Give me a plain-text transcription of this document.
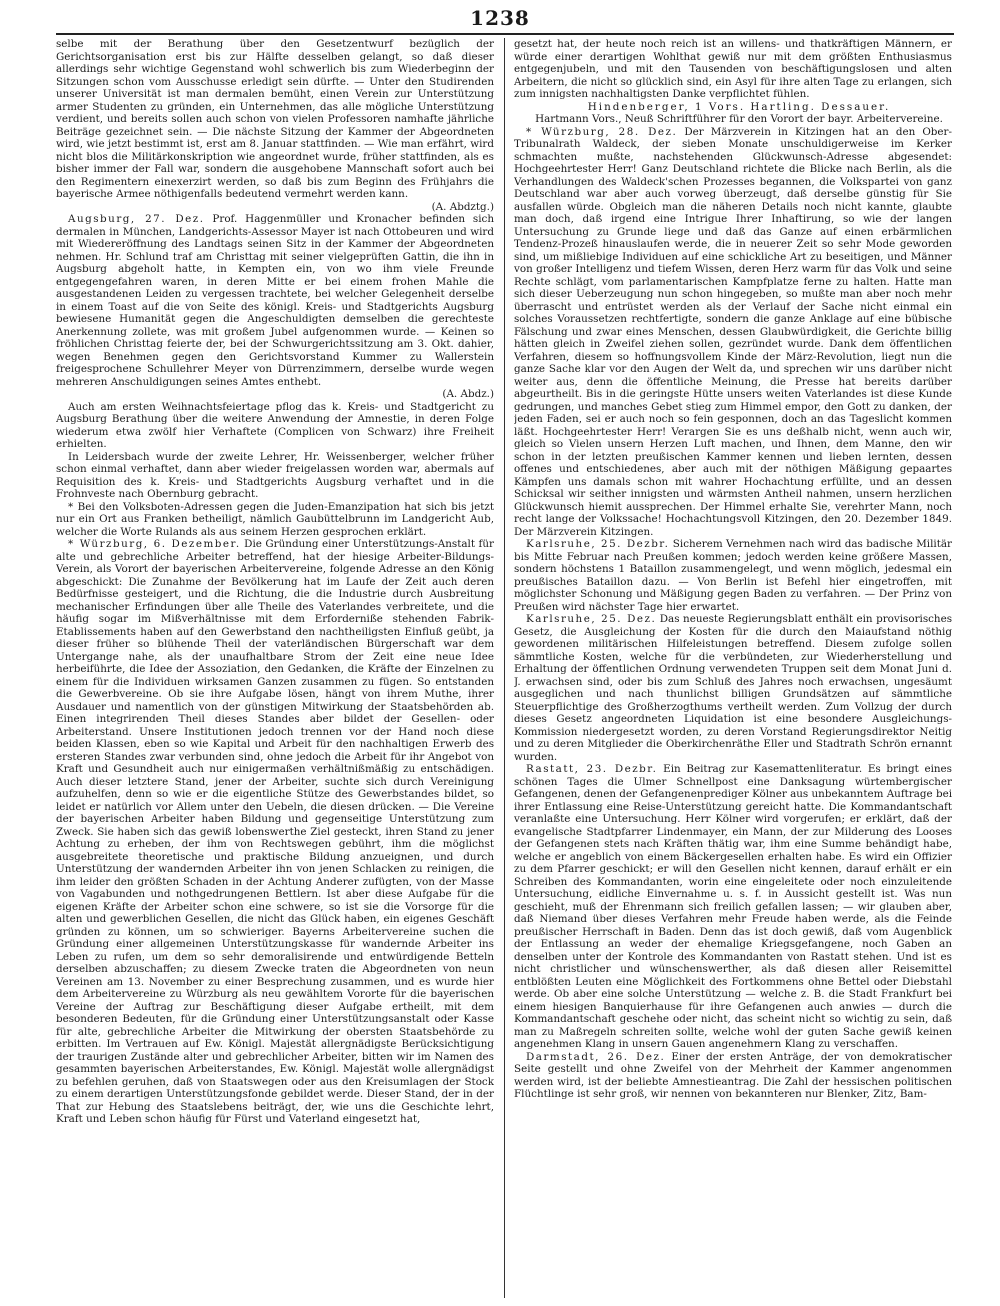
1238

selbe mit der Berathung über den Gesetzentwurf bezüglich der Gerichtsorganisation erst bis zur Hälfte desselben gelangt, so daß dieser allerdings sehr wichtige Gegenstand wohl schwerlich bis zum Wiederbeginn der Sitzungen schon vom Ausschusse erledigt sein dürfte. — Unter den Studirenden unserer Universität ist man dermalen bemüht, einen Verein zur Unterstützung armer Studenten zu gründen, ein Unternehmen, das alle mögliche Unterstützung verdient, und bereits sollen auch schon von vielen Professoren namhafte jährliche Beiträge gezeichnet sein. — Die nächste Sitzung der Kammer der Abgeordneten wird, wie jetzt bestimmt ist, erst am 8. Januar stattfinden. — Wie man erfährt, wird nicht blos die Militärkonskription wie angeordnet wurde, früher stattfinden, als es bisher immer der Fall war, sondern die ausgehobene Mannschaft sofort auch bei den Regimentern einexerzirt werden, so daß bis zum Beginn des Frühjahrs die bayerische Armee nöthigenfalls bedeutend vermehrt werden kann.
(A. Abdztg.)

Augsburg, 27. Dez. Prof. Haggenmüller und Kronacher befinden sich dermalen in München, Landgerichts-Assessor Mayer ist nach Ottobeuren und wird mit Wiedereröffnung des Landtags seinen Sitz in der Kammer der Abgeordneten nehmen. Hr. Schlund traf am Christtag mit seiner vielgeprüften Gattin, die ihn in Augsburg abgeholt hatte, in Kempten ein, von wo ihm viele Freunde entgegengefahren waren, in deren Mitte er bei einem frohen Mahle die ausgestandenen Leiden zu vergessen trachtete, bei welcher Gelegenheit derselbe in einem Toast auf die von Seite des königl. Kreis- und Stadtgerichts Augsburg bewiesene Humanität gegen die Angeschuldigten demselben die gerechteste Anerkennung zollete, was mit großem Jubel aufgenommen wurde. — Keinen so fröhlichen Christtag feierte der, bei der Schwurgerichtssitzung am 3. Okt. dahier, wegen Benehmen gegen den Gerichtsvorstand Kummer zu Wallerstein freigesprochene Schullehrer Meyer von Dürrenzimmern, derselbe wurde wegen mehreren Anschuldigungen seines Amtes enthebt.
(A. Abdz.)

Auch am ersten Weihnachtsfeiertage pflog das k. Kreis- und Stadtgericht zu Augsburg Berathung über die weitere Anwendung der Amnestie, in deren Folge wiederum etwa zwölf hier Verhaftete (Complicen von Schwarz) ihre Freiheit erhielten.

In Leidersbach wurde der zweite Lehrer, Hr. Weissenberger, welcher früher schon einmal verhaftet, dann aber wieder freigelassen worden war, abermals auf Requisition des k. Kreis- und Stadtgerichts Augsburg verhaftet und in die Frohnveste nach Obernburg gebracht.

* Bei den Volksboten-Adressen gegen die Juden-Emanzipation hat sich bis jetzt nur ein Ort aus Franken betheiligt, nämlich Gaubüttelbrunn im Landgericht Aub, welcher die Worte Rulands als aus seinem Herzen gesprochen erklärt.

* Würzburg, 6. Dezember. Die Gründung einer Unterstützungs-Anstalt für alte und gebrechliche Arbeiter betreffend, hat der hiesige Arbeiter-Bildungs-Verein, als Vorort der bayerischen Arbeitervereine, folgende Adresse an den König abgeschickt: Die Zunahme der Bevölkerung hat im Laufe der Zeit auch deren Bedürfnisse gesteigert, und die Richtung, die die Industrie durch Ausbreitung mechanischer Erfindungen über alle Theile des Vaterlandes verbreitete, und die häufig sogar im Mißverhältnisse mit dem Erforderniße stehenden Fabrik-Etablissements haben auf den Gewerbstand den nachtheiligsten Einfluß geübt, ja dieser früher so blühende Theil der vaterländischen Bürgerschaft war dem Untergange nahe, als der unaufhaltbare Strom der Zeit eine neue Idee herbeiführte, die Idee der Assoziation, den Gedanken, die Kräfte der Einzelnen zu einem für die Individuen wirksamen Ganzen zusammen zu fügen. So entstanden die Gewerbvereine. Ob sie ihre Aufgabe lösen, hängt von ihrem Muthe, ihrer Ausdauer und namentlich von der günstigen Mitwirkung der Staatsbehörden ab. Einen integrirenden Theil dieses Standes aber bildet der Gesellen- oder Arbeiterstand. Unsere Institutionen jedoch trennen vor der Hand noch diese beiden Klassen, eben so wie Kapital und Arbeit für den nachhaltigen Erwerb des ersteren Standes zwar verbunden sind, ohne jedoch die Arbeit für ihr Angebot von Kraft und Gesundheit auch nur einigermaßen verhältnißmäßig zu entschädigen. Auch dieser letztere Stand, jener der Arbeiter, suchte sich durch Vereinigung aufzuhelfen, denn so wie er die eigentliche Stütze des Gewerbstandes bildet, so leidet er natürlich vor Allem unter den Uebeln, die diesen drücken. — Die Vereine der bayerischen Arbeiter haben Bildung und gegenseitige Unterstützung zum Zweck. Sie haben sich das gewiß lobenswerthe Ziel gesteckt, ihren Stand zu jener Achtung zu erheben, der ihm von Rechtswegen gebührt, ihm die möglichst ausgebreitete theoretische und praktische Bildung anzueignen, und durch Unterstützung der wandernden Arbeiter ihn von jenen Schlacken zu reinigen, die ihm leider den größten Schaden in der Achtung Anderer zufügten, von der Masse von Vagabunden und nothgedrungenen Bettlern. Ist aber diese Aufgabe für die eigenen Kräfte der Arbeiter schon eine schwere, so ist sie die Vorsorge für die alten und gewerblichen Gesellen, die nicht das Glück haben, ein eigenes Geschäft gründen zu können, um so schwieriger. Bayerns Arbeitervereine suchen die Gründung einer allgemeinen Unterstützungskasse für wandernde Arbeiter ins Leben zu rufen, um dem so sehr demoralisirende und entwürdigende Betteln derselben abzuschaffen; zu diesem Zwecke traten die Abgeordneten von neun Vereinen am 13. November zu einer Besprechung zusammen, und es wurde hier dem Arbeitervereine zu Würzburg als neu gewähltem Vororte für die bayerischen Vereine der Auftrag zur Beschäftigung dieser Aufgabe ertheilt, mit dem besonderen Bedeuten, für die Gründung einer Unterstützungsanstalt oder Kasse für alte, gebrechliche Arbeiter die Mitwirkung der obersten Staatsbehörde zu erbitten. Im Vertrauen auf Ew. Königl. Majestät allergnädigste Berücksichtigung der traurigen Zustände alter und gebrechlicher Arbeiter, bitten wir im Namen des gesammten bayerischen Arbeiterstandes, Ew. Königl. Majestät wolle allergnädigst zu befehlen geruhen, daß von Staatswegen oder aus den Kreisumlagen der Stock zu einem derartigen Unterstützungsfonde gebildet werde. Dieser Stand, der in der That zur Hebung des Staatslebens beiträgt, der, wie uns die Geschichte lehrt, Kraft und Leben schon häufig für Fürst und Vaterland eingesetzt hat,

gesetzt hat, der heute noch reich ist an willens- und thatkräftigen Männern, er würde einer derartigen Wohlthat gewiß nur mit dem größten Enthusiasmus entgegenjubeln, und mit den Tausenden von beschäftigungslosen und alten Arbeitern, die nicht so glücklich sind, ein Asyl für ihre alten Tage zu erlangen, sich zum innigsten nachhaltigsten Danke verpflichtet fühlen.

Hindenberger, 1 Vors. Hartling. Dessauer.

Hartmann Vors., Neuß Schriftführer für den Vorort der bayr. Arbeitervereine.

* Würzburg, 28. Dez. Der Märzverein in Kitzingen hat an den Ober-Tribunalrath Waldeck, der sieben Monate unschuldigerweise im Kerker schmachten mußte, nachstehenden Glückwunsch-Adresse abgesendet: Hochgeehrtester Herr! Ganz Deutschland richtete die Blicke nach Berlin, als die Verhandlungen des Waldeck'schen Prozesses begannen, die Volkspartei von ganz Deutschland war aber auch vorweg überzeugt, daß derselbe günstig für Sie ausfallen würde. Obgleich man die näheren Details noch nicht kannte, glaubte man doch, daß irgend eine Intrigue Ihrer Inhaftirung, so wie der langen Untersuchung zu Grunde liege und daß das Ganze auf einen erbärmlichen Tendenz-Prozeß hinauslaufen werde, die in neuerer Zeit so sehr Mode geworden sind, um mißliebige Individuen auf eine schickliche Art zu beseitigen, und Männer von großer Intelligenz und tiefem Wissen, deren Herz warm für das Volk und seine Rechte schlägt, vom parlamentarischen Kampfplatze ferne zu halten. Hatte man sich dieser Ueberzeugung nun schon hingegeben, so mußte man aber noch mehr überrascht und entrüstet werden als der Verlauf der Sache nicht einmal ein solches Voraussetzen rechtfertigte, sondern die ganze Anklage auf eine bübische Fälschung und zwar eines Menschen, dessen Glaubwürdigkeit, die Gerichte billig hätten gleich in Zweifel ziehen sollen, gezründet wurde. Dank dem öffentlichen Verfahren, diesem so hoffnungsvollem Kinde der März-Revolution, liegt nun die ganze Sache klar vor den Augen der Welt da, und sprechen wir uns darüber nicht weiter aus, denn die öffentliche Meinung, die Presse hat bereits darüber abgeurtheilt. Bis in die geringste Hütte unsers weiten Vaterlandes ist diese Kunde gedrungen, und manches Gebet stieg zum Himmel empor, den Gott zu danken, der jeden Faden, sei er auch noch so fein gesponnen, doch an das Tageslicht kommen läßt. Hochgeehrtester Herr! Verargen Sie es uns deßhalb nicht, wenn auch wir, gleich so Vielen unsern Herzen Luft machen, und Ihnen, dem Manne, den wir schon in der letzten preußischen Kammer kennen und lieben lernten, dessen offenes und entschiedenes, aber auch mit der nöthigen Mäßigung gepaartes Kämpfen uns damals schon mit wahrer Hochachtung erfüllte, und an dessen Schicksal wir seither innigsten und wärmsten Antheil nahmen, unsern herzlichen Glückwunsch hiemit aussprechen. Der Himmel erhalte Sie, verehrter Mann, noch recht lange der Volkssache! Hochachtungsvoll Kitzingen, den 20. Dezember 1849. Der Märzverein Kitzingen.

Karlsruhe, 25. Dezbr. Sicherem Vernehmen nach wird das badische Militär bis Mitte Februar nach Preußen kommen; jedoch werden keine größere Massen, sondern höchstens 1 Bataillon zusammengelegt, und wenn möglich, jedesmal ein preußisches Bataillon dazu. — Von Berlin ist Befehl hier eingetroffen, mit möglichster Schonung und Mäßigung gegen Baden zu verfahren. — Der Prinz von Preußen wird nächster Tage hier erwartet.

Karlsruhe, 25. Dez. Das neueste Regierungsblatt enthält ein provisorisches Gesetz, die Ausgleichung der Kosten für die durch den Maiaufstand nöthig gewordenen militärischen Hilfeleistungen betreffend. Diesem zufolge sollen sämmtliche Kosten, welche für die verbündeten, zur Wiederherstellung und Erhaltung der öffentlichen Ordnung verwendeten Truppen seit dem Monat Juni d. J. erwachsen sind, oder bis zum Schluß des Jahres noch erwachsen, ungesäumt ausgeglichen und nach thunlichst billigen Grundsätzen auf sämmtliche Steuerpflichtige des Großherzogthums vertheilt werden. Zum Vollzug der durch dieses Gesetz angeordneten Liquidation ist eine besondere Ausgleichungs-Kommission niedergesetzt worden, zu deren Vorstand Regierungsdirektor Neitig und zu deren Mitglieder die Oberkirchenräthe Eller und Stadtrath Schrön ernannt wurden.

Rastatt, 23. Dezbr. Ein Beitrag zur Kasemattenliteratur. Es bringt eines schönen Tages die Ulmer Schnellpost eine Danksagung würtembergischer Gefangenen, denen der Gefangenenprediger Kölner aus unbekanntem Auftrage bei ihrer Entlassung eine Reise-Unterstützung gereicht hatte. Die Kommandantschaft veranlaßte eine Untersuchung. Herr Kölner wird vorgerufen; er erklärt, daß der evangelische Stadtpfarrer Lindenmayer, ein Mann, der zur Milderung des Looses der Gefangenen stets nach Kräften thätig war, ihm eine Summe behändigt habe, welche er angeblich von einem Bäckergesellen erhalten habe. Es wird ein Offizier zu dem Pfarrer geschickt; er will den Gesellen nicht kennen, darauf erhält er ein Schreiben des Kommandanten, worin eine eingeleitete oder noch einzuleitende Untersuchung, eidliche Einvernahme u. s. f. in Aussicht gestellt ist. Was nun geschieht, muß der Ehrenmann sich freilich gefallen lassen; — wir glauben aber, daß Niemand über dieses Verfahren mehr Freude haben werde, als die Feinde preußischer Herrschaft in Baden. Denn das ist doch gewiß, daß vom Augenblick der Entlassung an weder der ehemalige Kriegsgefangene, noch Gaben an denselben unter der Kontrole des Kommandanten von Rastatt stehen. Und ist es nicht christlicher und wünschenswerther, als daß diesen aller Reisemittel entblößten Leuten eine Möglichkeit des Fortkommens ohne Bettel oder Diebstahl werde. Ob aber eine solche Unterstützung — welche z. B. die Stadt Frankfurt bei einem hiesigen Banquierhause für ihre Gefangenen auch anwies — durch die Kommandantschaft geschehe oder nicht, das scheint nicht so wichtig zu sein, daß man zu Maßregeln schreiten sollte, welche wohl der guten Sache gewiß keinen angenehmen Klang in unsern Gauen angenehmern Klang zu verschaffen.

Darmstadt, 26. Dez. Einer der ersten Anträge, der von demokratischer Seite gestellt und ohne Zweifel von der Mehrheit der Kammer angenommen werden wird, ist der beliebte Amnestieantrag. Die Zahl der hessischen politischen Flüchtlinge ist sehr groß, wir nennen von bekannteren nur Blenker, Zitz, Bam-
